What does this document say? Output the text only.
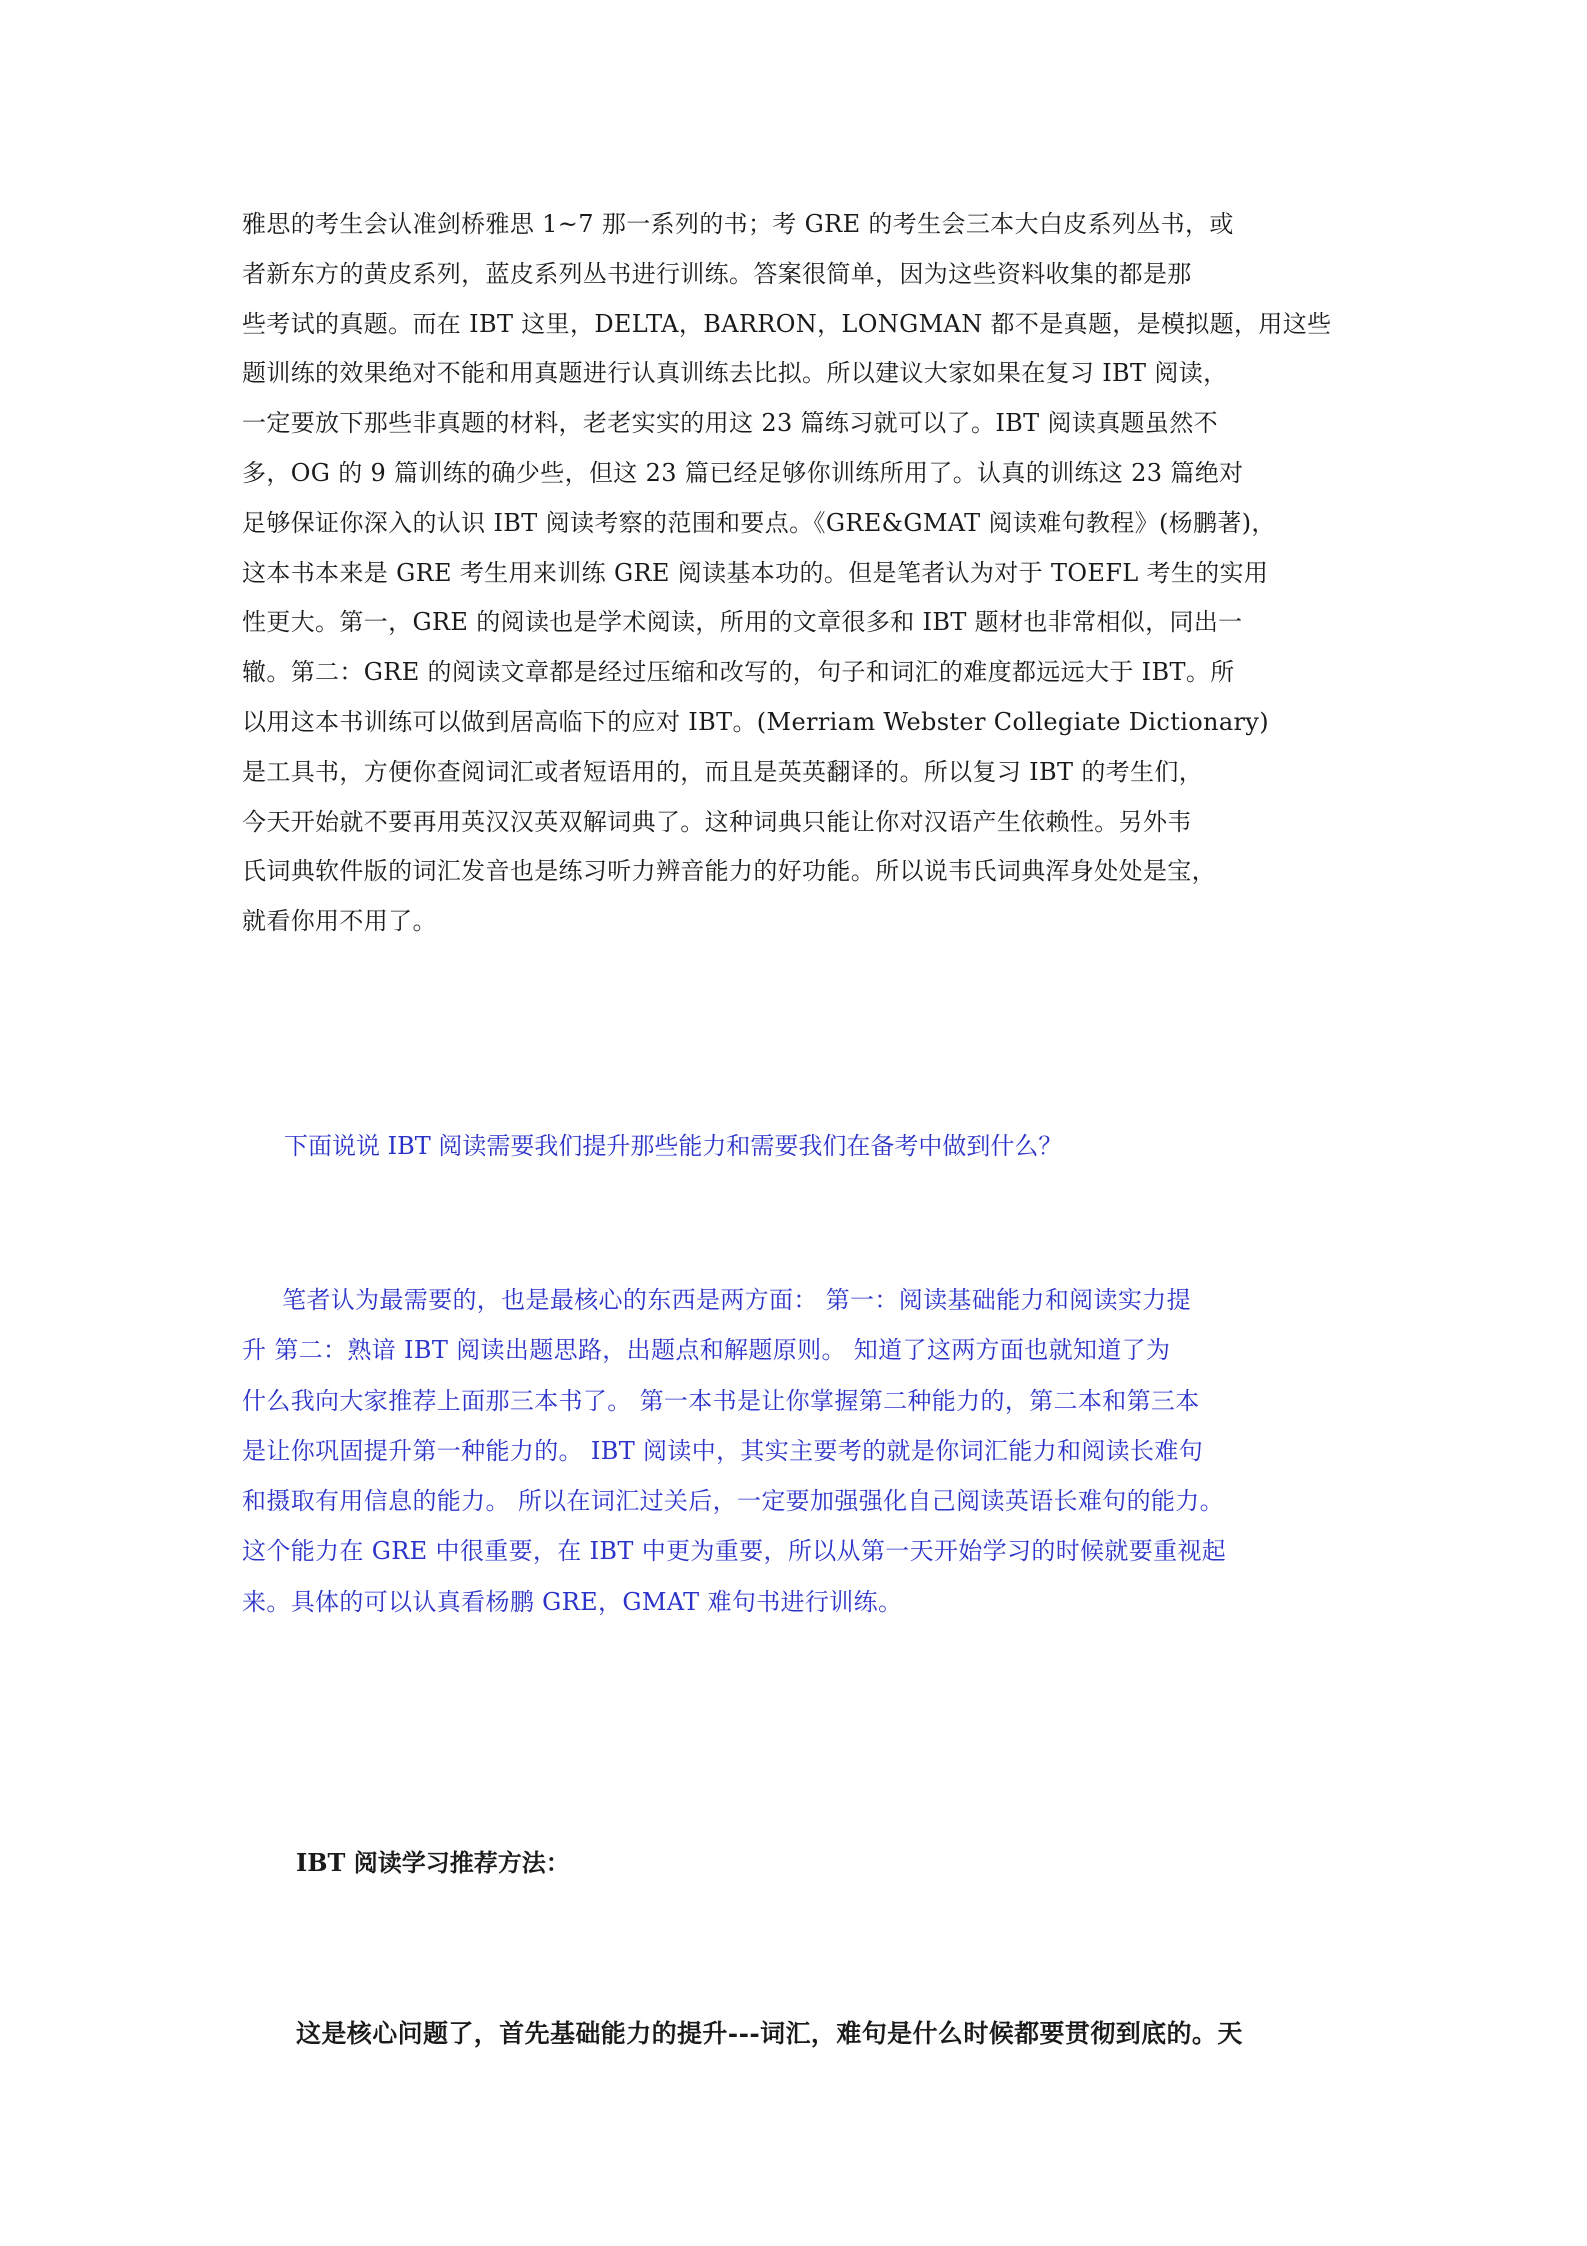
雅思的考生会认准剑桥雅思 1~7 那一系列的书；考 GRE 的考生会三本大白皮系列丛书，或
者新东方的黄皮系列，蓝皮系列丛书进行训练。答案很简单，因为这些资料收集的都是那
些考试的真题。而在 IBT 这里，DELTA，BARRON，LONGMAN 都不是真题，是模拟题，用这些
题训练的效果绝对不能和用真题进行认真训练去比拟。所以建议大家如果在复习 IBT 阅读，
一定要放下那些非真题的材料，老老实实的用这 23 篇练习就可以了。IBT 阅读真题虽然不
多，OG 的 9 篇训练的确少些，但这 23 篇已经足够你训练所用了。认真的训练这 23 篇绝对
足够保证你深入的认识 IBT 阅读考察的范围和要点。《GRE&GMAT 阅读难句教程》(杨鹏著)，
这本书本来是 GRE 考生用来训练 GRE 阅读基本功的。但是笔者认为对于 TOEFL 考生的实用
性更大。第一，GRE 的阅读也是学术阅读，所用的文章很多和 IBT 题材也非常相似，同出一
辙。第二：GRE 的阅读文章都是经过压缩和改写的，句子和词汇的难度都远远大于 IBT。所
以用这本书训练可以做到居高临下的应对 IBT。(Merriam Webster Collegiate Dictionary)
是工具书，方便你查阅词汇或者短语用的，而且是英英翻译的。所以复习 IBT 的考生们，
今天开始就不要再用英汉汉英双解词典了。这种词典只能让你对汉语产生依赖性。另外韦
氏词典软件版的词汇发音也是练习听力辨音能力的好功能。所以说韦氏词典浑身处处是宝，
就看你用不用了。

下面说说 IBT 阅读需要我们提升那些能力和需要我们在备考中做到什么？

笔者认为最需要的，也是最核心的东西是两方面： 第一：阅读基础能力和阅读实力提
升 第二：熟谙 IBT 阅读出题思路，出题点和解题原则。 知道了这两方面也就知道了为
什么我向大家推荐上面那三本书了。 第一本书是让你掌握第二种能力的，第二本和第三本
是让你巩固提升第一种能力的。 IBT 阅读中，其实主要考的就是你词汇能力和阅读长难句
和摄取有用信息的能力。 所以在词汇过关后，一定要加强强化自己阅读英语长难句的能力。
这个能力在 GRE 中很重要，在 IBT 中更为重要，所以从第一天开始学习的时候就要重视起
来。具体的可以认真看杨鹏 GRE，GMAT 难句书进行训练。

IBT 阅读学习推荐方法：

这是核心问题了，首先基础能力的提升---词汇，难句是什么时候都要贯彻到底的。天
